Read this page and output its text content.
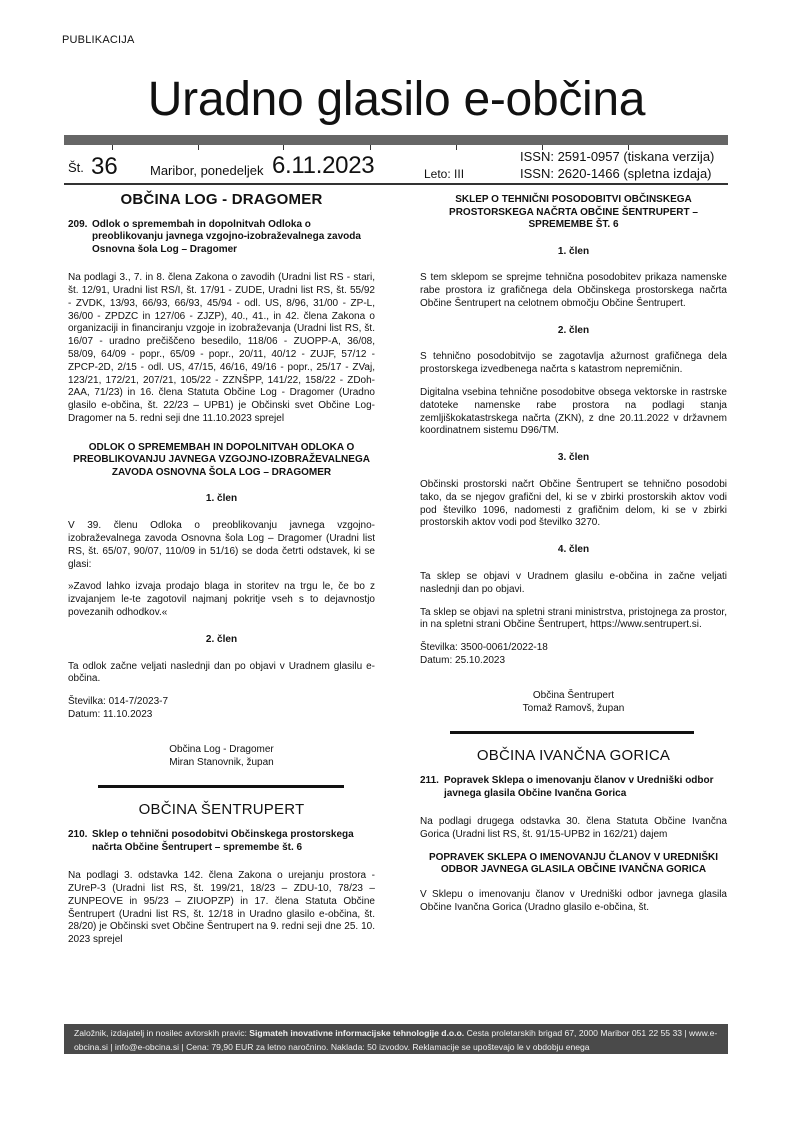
PUBLIKACIJA
Uradno glasilo e-občina
Št. 36 Maribor, ponedeljek 6.11.2023	Leto: III
ISSN: 2591-0957 (tiskana verzija)
ISSN: 2620-1466 (spletna izdaja)
OBČINA LOG - DRAGOMER
209. Odlok o spremembah in dopolnitvah Odloka o preoblikovanju javnega vzgojno-izobraževalnega zavoda Osnovna šola Log – Dragomer

Na podlagi 3., 7. in 8. člena Zakona o zavodih (Uradni list RS - stari, št. 12/91, Uradni list RS/I, št. 17/91 - ZUDE, Uradni list RS, št. 55/92 - ZVDK, 13/93, 66/93, 66/93, 45/94 - odl. US, 8/96, 31/00 - ZP-L, 36/00 - ZPDZC in 127/06 - ZJZP), 40., 41., in 42. člena Zakona o organizaciji in financiranju vzgoje in izobraževanja (Uradni list RS, št. 16/07 - uradno prečiščeno besedilo, 118/06 - ZUOPP-A, 36/08, 58/09, 64/09 - popr., 65/09 - popr., 20/11, 40/12 - ZUJF, 57/12 - ZPCP-2D, 2/15 - odl. US, 47/15, 46/16, 49/16 - popr., 25/17 - ZVaj, 123/21, 172/21, 207/21, 105/22 - ZZNŠPP, 141/22, 158/22 - ZDoh-2AA, 71/23) in 16. člena Statuta Občine Log - Dragomer (Uradno glasilo e-občina, št. 22/23 – UPB1) je Občinski svet Občine Log-Dragomer na 5. redni seji dne 11.10.2023 sprejel

ODLOK O SPREMEMBAH IN DOPOLNITVAH ODLOKA O PREOBLIKOVANJU JAVNEGA VZGOJNO-IZOBRAŽEVALNEGA ZAVODA OSNOVNA ŠOLA LOG – DRAGOMER
1. člen

V 39. členu Odloka o preoblikovanju javnega vzgojno-izobraževalnega zavoda Osnovna šola Log – Dragomer (Uradni list RS, št. 65/07, 90/07, 110/09 in 51/16) se doda četrti odstavek, ki se glasi:

»Zavod lahko izvaja prodajo blaga in storitev na trgu le, če bo z izvajanjem le-te zagotovil najmanj pokritje vseh s to dejavnostjo povezanih odhodkov.«

2. člen

Ta odlok začne veljati naslednji dan po objavi v Uradnem glasilu e-občina.

Številka: 014-7/2023-7

Datum: 11.10.2023

Občina Log - Dragomer

Miran Stanovnik, župan

OBČINA ŠENTRUPERT
210. Sklep o tehnični posodobitvi Občinskega prostorskega načrta Občine Šentrupert – spremembe št. 6

Na podlagi 3. odstavka 142. člena Zakona o urejanju prostora - ZUreP-3 (Uradni list RS, št. 199/21, 18/23 – ZDU-10, 78/23 – ZUNPEOVE in 95/23 – ZIUOPZP) in 17. člena Statuta Občine Šentrupert (Uradni list RS, št. 12/18 in Uradno glasilo e-občina, št. 28/20) je Občinski svet Občine Šentrupert na 9. redni seji dne 25. 10. 2023 sprejel

SKLEP O TEHNIČNI POSODOBITVI OBČINSKEGA PROSTORSKEGA NAČRTA OBČINE ŠENTRUPERT – SPREMEMBE ŠT. 6
1. člen

S tem sklepom se sprejme tehnična posodobitev prikaza namenske rabe prostora iz grafičnega dela Občinskega prostorskega načrta Občine Šentrupert na celotnem območju Občine Šentrupert.

2. člen

S tehnično posodobitvijo se zagotavlja ažurnost grafičnega dela prostorskega izvedbenega načrta s katastrom nepremičnin.

Digitalna vsebina tehnične posodobitve obsega vektorske in rastrske datoteke namenske rabe prostora na podlagi stanja zemljiškokatastrskega načrta (ZKN), z dne 20.11.2022 v državnem koordinatnem sistemu D96/TM.

3. člen

Občinski prostorski načrt Občine Šentrupert se tehnično posodobi tako, da se njegov grafični del, ki se v zbirki prostorskih aktov vodi pod številko 1096, nadomesti z grafičnim delom, ki se v zbirki prostorskih aktov vodi pod številko 3270.

4. člen

Ta sklep se objavi v Uradnem glasilu e-občina in začne veljati naslednji dan po objavi.

Ta sklep se objavi na spletni strani ministrstva, pristojnega za prostor, in na spletni strani Občine Šentrupert, https://www.sentrupert.si.

Številka: 3500-0061/2022-18

Datum: 25.10.2023

Občina Šentrupert

Tomaž Ramovš, župan

OBČINA IVANČNA GORICA
211. Popravek Sklepa o imenovanju članov v Uredniški odbor javnega glasila Občine Ivančna Gorica

Na podlagi drugega odstavka 30. člena Statuta Občine Ivančna Gorica (Uradni list RS, št. 91/15-UPB2 in 162/21) dajem

POPRAVEK SKLEPA O IMENOVANJU ČLANOV V UREDNIŠKI ODBOR JAVNEGA GLASILA OBČINE IVANČNA GORICA

V Sklepu o imenovanju članov v Uredniški odbor javnega glasila Občine Ivančna Gorica (Uradno glasilo e-občina, št.

Založnik, izdajatelj in nosilec avtorskih pravic: Sigmateh inovativne informacijske tehnologije d.o.o. Cesta proletarskih brigad 67, 2000 Maribor 051 22 55 33 | www.e-obcina.si | info@e-obcina.si | Cena: 79,90 EUR za letno naročnino. Naklada: 50 izvodov. Reklamacije se upoštevajo le v obdobju enega
